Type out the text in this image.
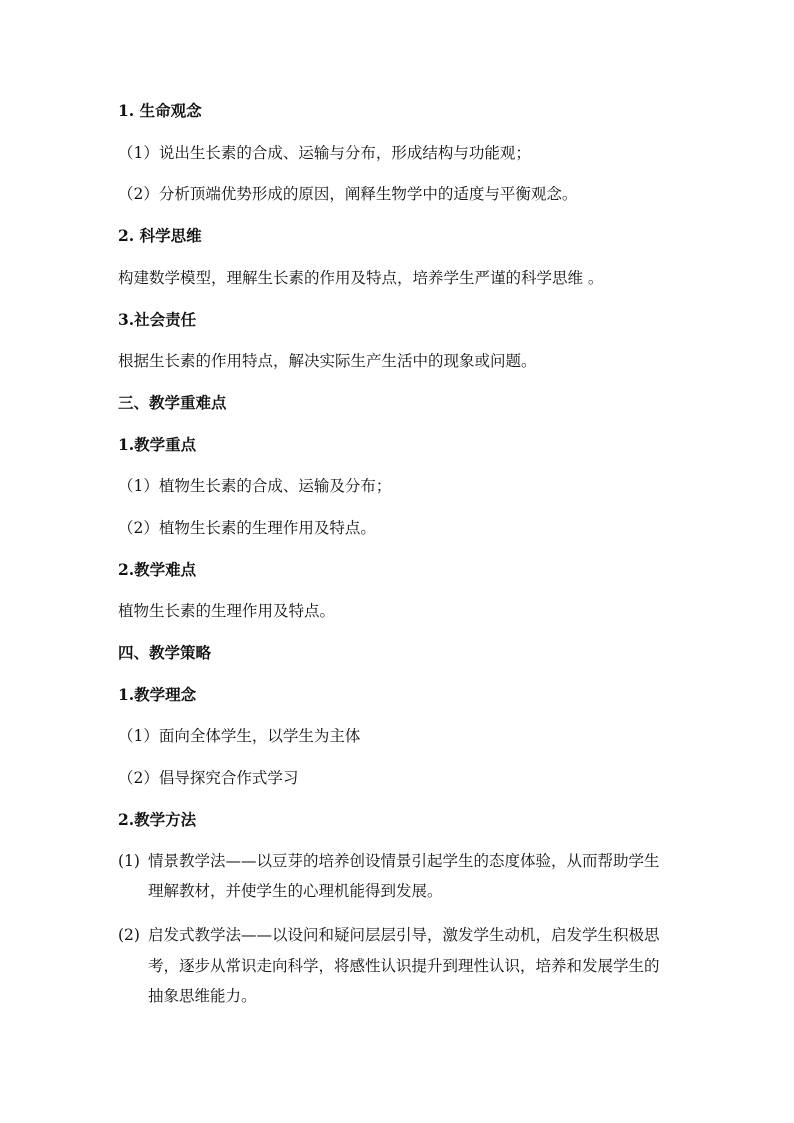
1. 生命观念
（1）说出生长素的合成、运输与分布，形成结构与功能观；
（2）分析顶端优势形成的原因，阐释生物学中的适度与平衡观念。
2. 科学思维
构建数学模型，理解生长素的作用及特点，培养学生严谨的科学思维 。
3.社会责任
根据生长素的作用特点，解决实际生产生活中的现象或问题。
三、教学重难点
1.教学重点
（1）植物生长素的合成、运输及分布；
（2）植物生长素的生理作用及特点。
2.教学难点
植物生长素的生理作用及特点。
四、教学策略
1.教学理念
（1）面向全体学生，以学生为主体
（2）倡导探究合作式学习
2.教学方法
(1) 情景教学法——以豆芽的培养创设情景引起学生的态度体验，从而帮助学生
理解教材，并使学生的心理机能得到发展。
(2) 启发式教学法——以设问和疑问层层引导，激发学生动机，启发学生积极思
考，逐步从常识走向科学，将感性认识提升到理性认识，培养和发展学生的
抽象思维能力。
